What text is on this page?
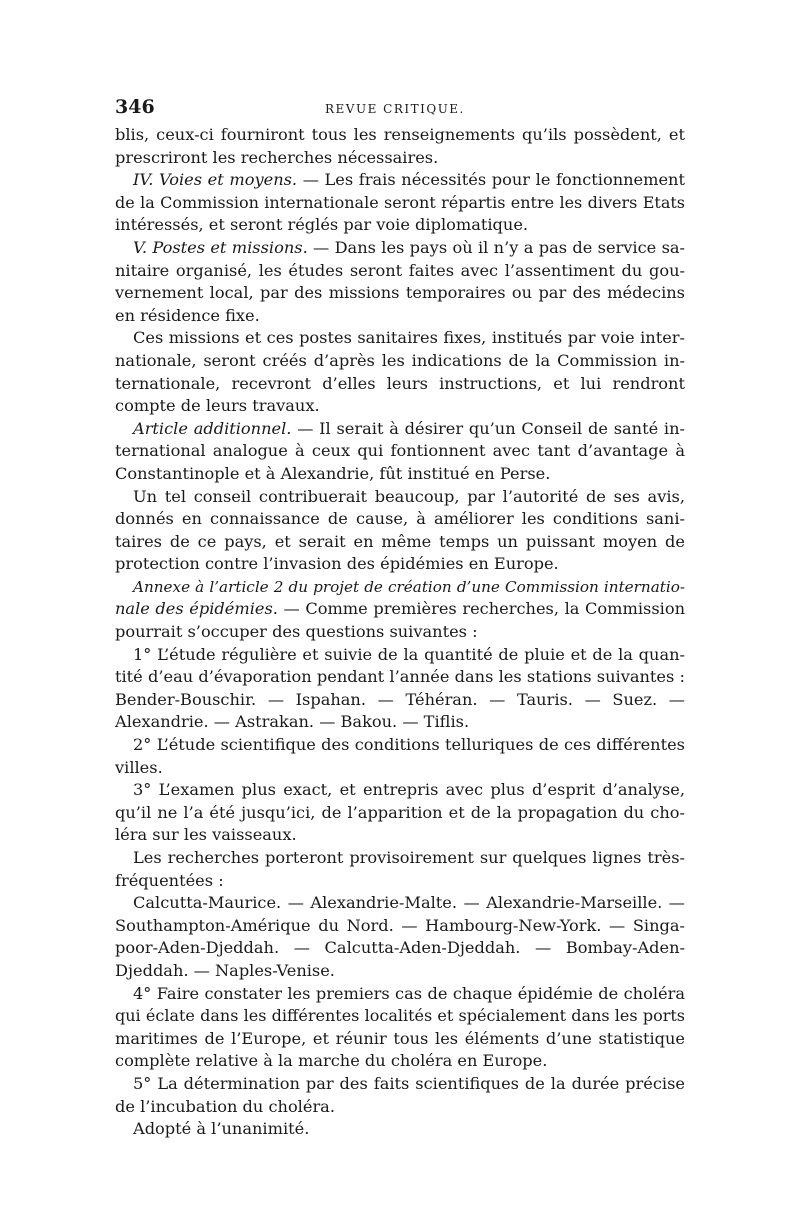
346	REVUE CRITIQUE.
blis, ceux-ci fourniront tous les renseignements qu’ils possèdent, et
prescriront les recherches nécessaires.
IV. Voies et moyens. — Les frais nécessités pour le fonctionnement
de la Commission internationale seront répartis entre les divers Etats
intéressés, et seront réglés par voie diplomatique.
V. Postes et missions. — Dans les pays où il n’y a pas de service sa-
nitaire organisé, les études seront faites avec l’assentiment du gou-
vernement local, par des missions temporaires ou par des médecins
en résidence fixe.
Ces missions et ces postes sanitaires fixes, institués par voie inter-
nationale, seront créés d’après les indications de la Commission in-
ternationale, recevront d’elles leurs instructions, et lui rendront
compte de leurs travaux.
Article additionnel. — Il serait à désirer qu’un Conseil de santé in-
ternational analogue à ceux qui fontionnent avec tant d’avantage à
Constantinople et à Alexandrie, fût institué en Perse.
Un tel conseil contribuerait beaucoup, par l’autorité de ses avis,
donnés en connaissance de cause, à améliorer les conditions sani-
taires de ce pays, et serait en même temps un puissant moyen de
protection contre l’invasion des épidémies en Europe.
Annexe à l’article 2 du projet de création d’une Commission internatio-
nale des épidémies. — Comme premières recherches, la Commission
pourrait s’occuper des questions suivantes :
1° L’étude régulière et suivie de la quantité de pluie et de la quan-
tité d’eau d’évaporation pendant l’année dans les stations suivantes :
Bender-Bouschir. — Ispahan. — Téhéran. — Tauris. — Suez. —
Alexandrie. — Astrakan. — Bakou. — Tiflis.
2° L’étude scientifique des conditions telluriques de ces différentes
villes.
3° L’examen plus exact, et entrepris avec plus d’esprit d’analyse,
qu’il ne l’a été jusqu’ici, de l’apparition et de la propagation du cho-
léra sur les vaisseaux.
Les recherches porteront provisoirement sur quelques lignes très-
fréquentées :
Calcutta-Maurice. — Alexandrie-Malte. — Alexandrie-Marseille. —
Southampton-Amérique du Nord. — Hambourg-New-York. — Singa-
poor-Aden-Djeddah. — Calcutta-Aden-Djeddah. — Bombay-Aden-
Djeddah. — Naples-Venise.
4° Faire constater les premiers cas de chaque épidémie de choléra
qui éclate dans les différentes localités et spécialement dans les ports
maritimes de l’Europe, et réunir tous les éléments d’une statistique
complète relative à la marche du choléra en Europe.
5° La détermination par des faits scientifiques de la durée précise
de l’incubation du choléra.
Adopté à l’unanimité.
